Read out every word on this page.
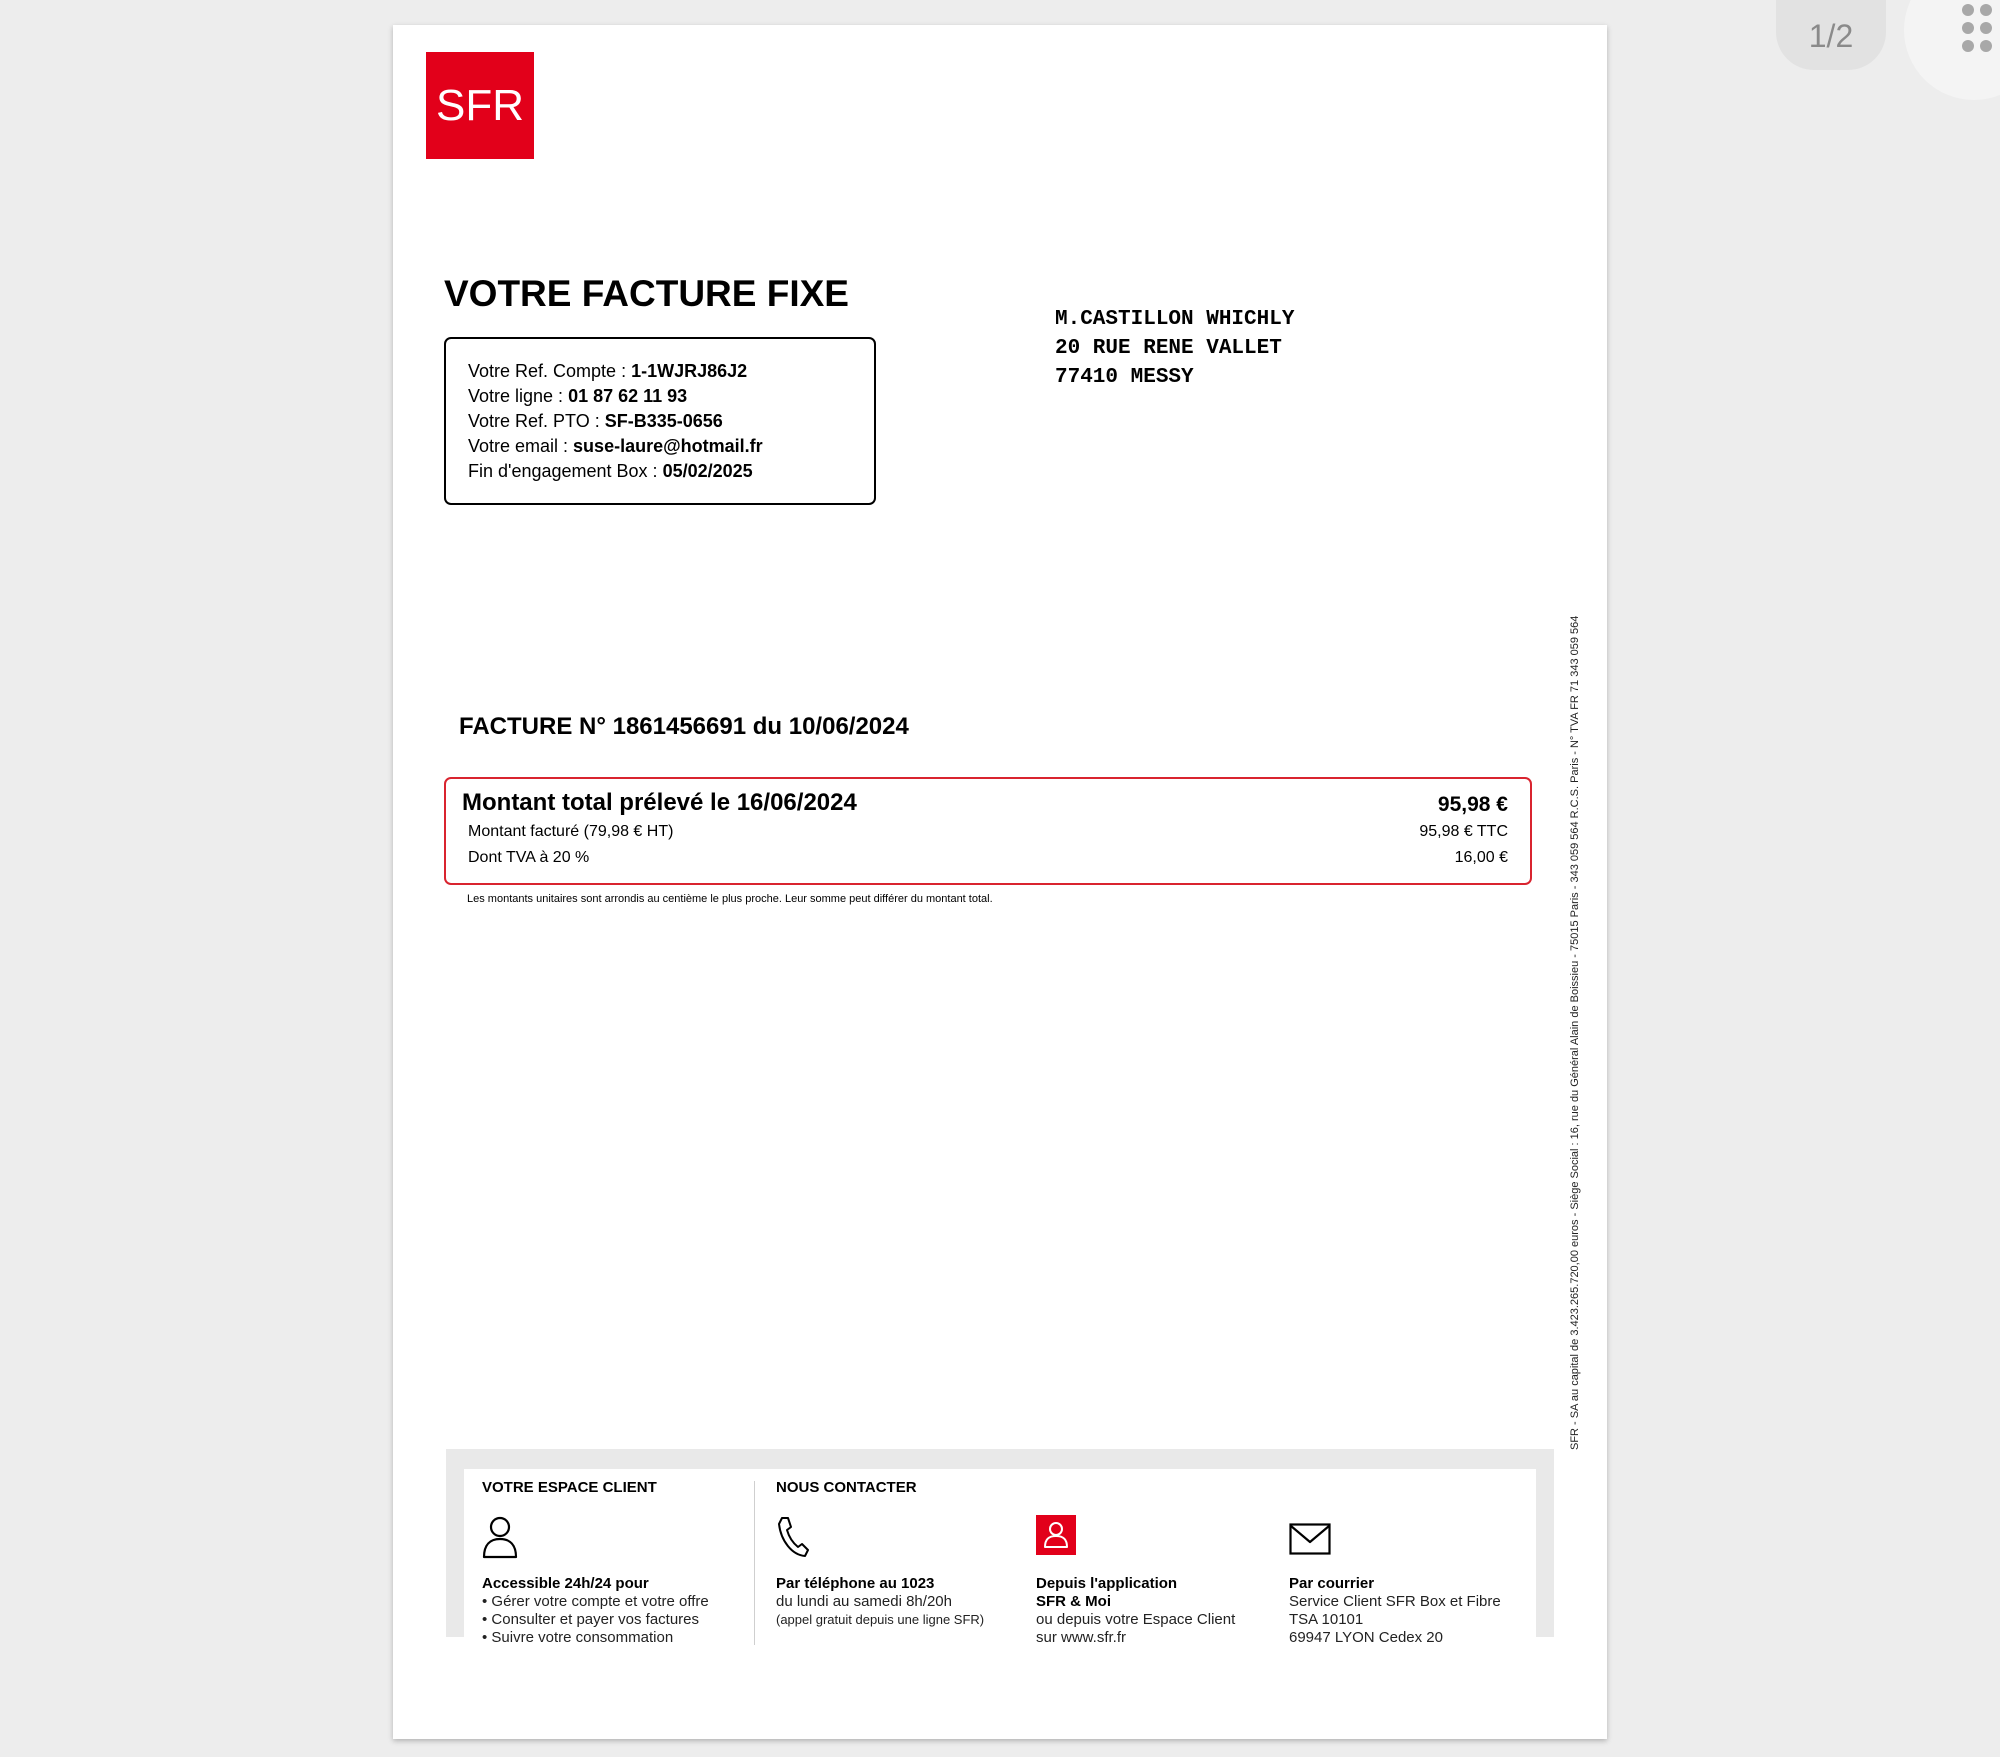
SFR
VOTRE FACTURE FIXE
Votre Ref. Compte : 1-1WJRJ86J2
Votre ligne : 01 87 62 11 93
Votre Ref. PTO : SF-B335-0656
Votre email : suse-laure@hotmail.fr
Fin d'engagement Box : 05/02/2025
M.CASTILLON WHICHLY
20 RUE RENE VALLET
77410 MESSY
FACTURE N° 1861456691 du 10/06/2024
Montant total prélevé le 16/06/2024	95,98 €
Montant facturé (79,98 € HT)	95,98 € TTC
Dont TVA à 20 %	16,00 €
Les montants unitaires sont arrondis au centième le plus proche. Leur somme peut différer du montant total.	SFR - SA au capital de 3.423.265.720,00 euros - Siège Social : 16, rue du Général Alain de Boissieu - 75015 Paris - 343 059 564 R.C.S. Paris - N° TVA FR 71 343 059 564
VOTRE ESPACE CLIENT
Accessible 24h/24 pour
• Gérer votre compte et votre offre
• Consulter et payer vos factures
• Suivre votre consommation
NOUS CONTACTER
Par téléphone au 1023
du lundi au samedi 8h/20h
(appel gratuit depuis une ligne SFR)
Depuis l'application
SFR & Moi
ou depuis votre Espace Client
sur www.sfr.fr
Par courrier
Service Client SFR Box et Fibre
TSA 10101
69947 LYON Cedex 20
1/2
